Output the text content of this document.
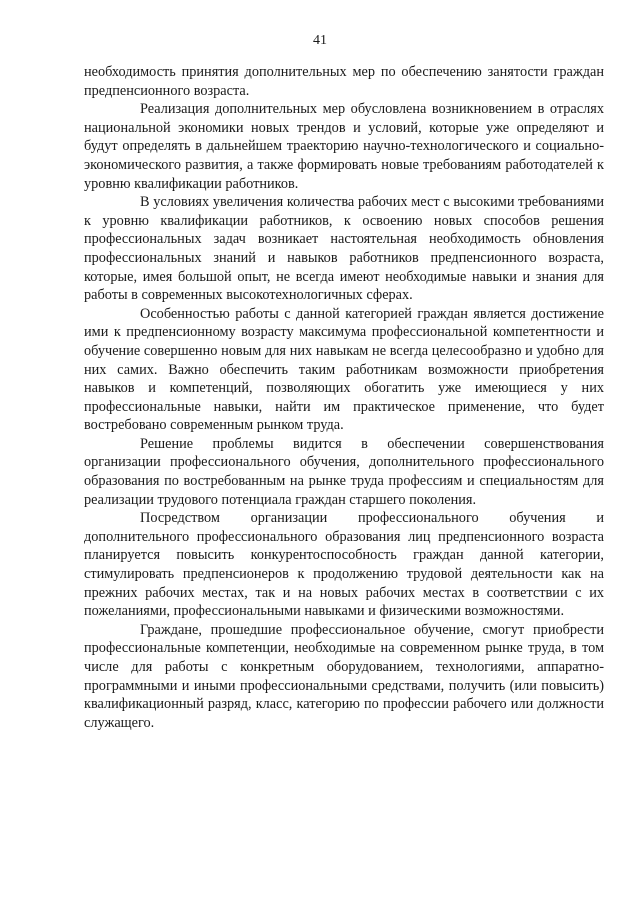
41

необходимость принятия дополнительных мер по обеспечению занятости граждан предпенсионного возраста.

Реализация дополнительных мер обусловлена возникновением в отраслях национальной экономики новых трендов и условий, которые уже определяют и будут определять в дальнейшем траекторию научно-технологического и социально-экономического развития, а также формировать новые требованиям работодателей к уровню квалификации работников.

В условиях увеличения количества рабочих мест с высокими требованиями к уровню квалификации работников, к освоению новых способов решения профессиональных задач возникает настоятельная необходимость обновления профессиональных знаний и навыков работников предпенсионного возраста, которые, имея большой опыт, не всегда имеют необходимые навыки и знания для работы в современных высокотехнологичных сферах.

Особенностью работы с данной категорией граждан является достижение ими к предпенсионному возрасту максимума профессиональной компетентности и обучение совершенно новым для них навыкам не всегда целесообразно и удобно для них самих. Важно обеспечить таким работникам возможности приобретения навыков и компетенций, позволяющих обогатить уже имеющиеся у них профессиональные навыки, найти им практическое применение, что будет востребовано современным рынком труда.

Решение проблемы видится в обеспечении совершенствования организации профессионального обучения, дополнительного профессионального образования по востребованным на рынке труда профессиям и специальностям для реализации трудового потенциала граждан старшего поколения.

Посредством организации профессионального обучения и дополнительного профессионального образования лиц предпенсионного возраста планируется повысить конкурентоспособность граждан данной категории, стимулировать предпенсионеров к продолжению трудовой деятельности как на прежних рабочих местах, так и на новых рабочих местах в соответствии с их пожеланиями, профессиональными навыками и физическими возможностями.

Граждане, прошедшие профессиональное обучение, смогут приобрести профессиональные компетенции, необходимые на современном рынке труда, в том числе для работы с конкретным оборудованием, технологиями, аппаратно-программными и иными профессиональными средствами, получить (или повысить) квалификационный разряд, класс, категорию по профессии рабочего или должности служащего.
